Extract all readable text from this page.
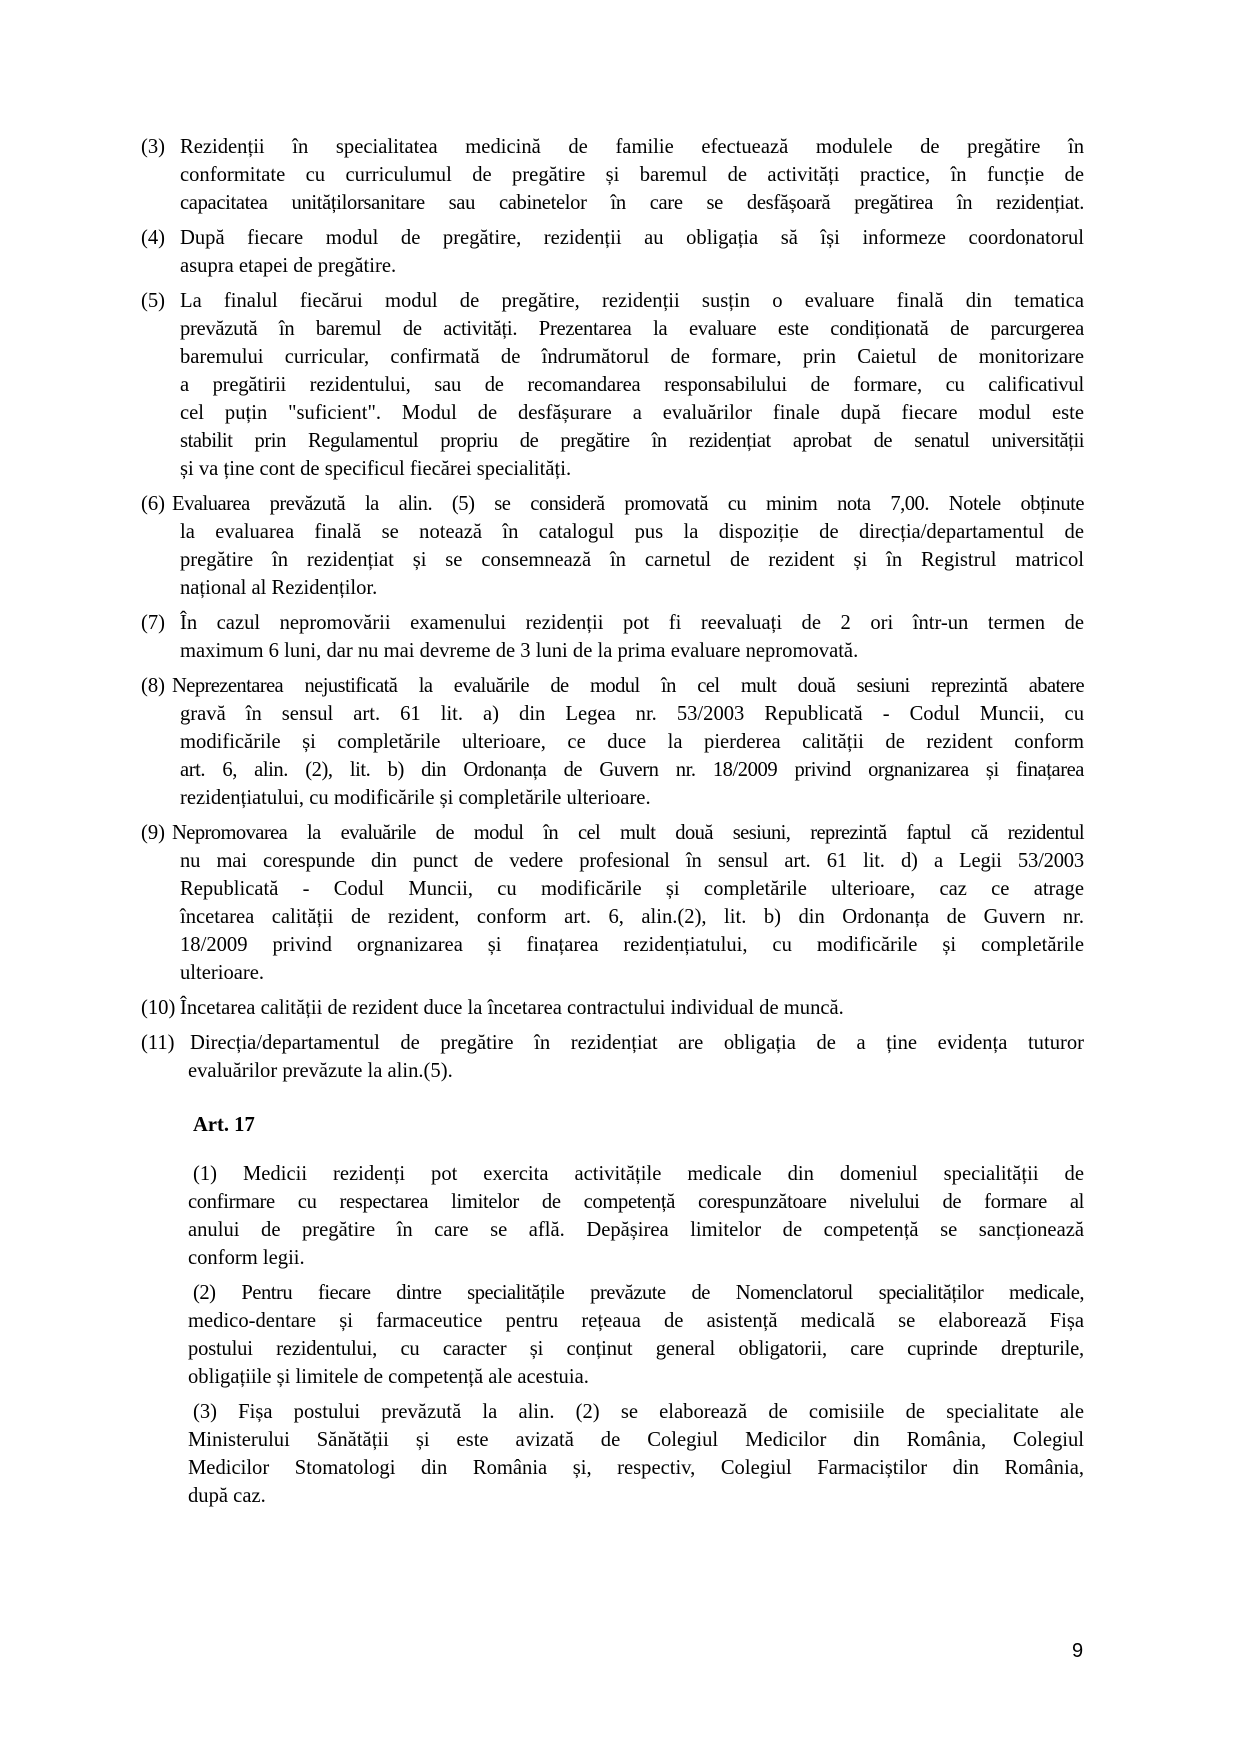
(3) Rezidenții în specialitatea medicină de familie efectuează modulele de pregătire în
conformitate cu curriculumul de pregătire și baremul de activități practice, în funcție de
capacitatea unitățilorsanitare sau cabinetelor în care se desfășoară pregătirea în rezidențiat.
(4) După fiecare modul de pregătire, rezidenții au obligația să își informeze coordonatorul
asupra etapei de pregătire.
(5) La finalul fiecărui modul de pregătire, rezidenții susțin o evaluare finală din tematica
prevăzută în baremul de activități. Prezentarea la evaluare este condiționată de parcurgerea
baremului curricular, confirmată de îndrumătorul de formare, prin Caietul de monitorizare
a pregătirii rezidentului, sau de recomandarea responsabilului de formare, cu calificativul
cel puțin "suficient". Modul de desfășurare a evaluărilor finale după fiecare modul este
stabilit prin Regulamentul propriu de pregătire în rezidențiat aprobat de senatul universității
și va ține cont de specificul fiecărei specialități.
(6) Evaluarea prevăzută la alin. (5) se consideră promovată cu minim nota 7,00. Notele obținute
la evaluarea finală se notează în catalogul pus la dispoziție de direcția/departamentul de
pregătire în rezidențiat și se consemnează în carnetul de rezident și în Registrul matricol
național al Rezidenților.
(7) În cazul nepromovării examenului rezidenții pot fi reevaluați de 2 ori într-un termen de
maximum 6 luni, dar nu mai devreme de 3 luni de la prima evaluare nepromovată.
(8) Neprezentarea nejustificată la evaluările de modul în cel mult două sesiuni reprezintă abatere
gravă în sensul art. 61 lit. a) din Legea nr. 53/2003 Republicată - Codul Muncii, cu
modificările și completările ulterioare, ce duce la pierderea calității de rezident conform
art. 6, alin. (2), lit. b) din Ordonanța de Guvern nr. 18/2009 privind orgnanizarea și finațarea
rezidențiatului, cu modificările și completările ulterioare.
(9) Nepromovarea la evaluările de modul în cel mult două sesiuni, reprezintă faptul că rezidentul
nu mai corespunde din punct de vedere profesional în sensul art. 61 lit. d) a Legii 53/2003
Republicată - Codul Muncii, cu modificările și completările ulterioare, caz ce atrage
încetarea calității de rezident, conform art. 6, alin.(2), lit. b) din Ordonanța de Guvern nr.
18/2009 privind orgnanizarea și finațarea rezidențiatului, cu modificările și completările
ulterioare.
(10) Încetarea calității de rezident duce la încetarea contractului individual de muncă.
(11) Direcția/departamentul de pregătire în rezidențiat are obligația de a ține evidența tuturor
evaluărilor prevăzute la alin.(5).
Art. 17
(1) Medicii rezidenți pot exercita activitățile medicale din domeniul specialității de
confirmare cu respectarea limitelor de competență corespunzătoare nivelului de formare al
anului de pregătire în care se află. Depășirea limitelor de competență se sancționează
conform legii.
(2) Pentru fiecare dintre specialitățile prevăzute de Nomenclatorul specialităților medicale,
medico-dentare și farmaceutice pentru rețeaua de asistență medicală se elaborează Fișa
postului rezidentului, cu caracter și conținut general obligatorii, care cuprinde drepturile,
obligațiile și limitele de competență ale acestuia.
(3) Fișa postului prevăzută la alin. (2) se elaborează de comisiile de specialitate ale
Ministerului Sănătății și este avizată de Colegiul Medicilor din România, Colegiul
Medicilor Stomatologi din România și, respectiv, Colegiul Farmaciștilor din România,
după caz.
9
